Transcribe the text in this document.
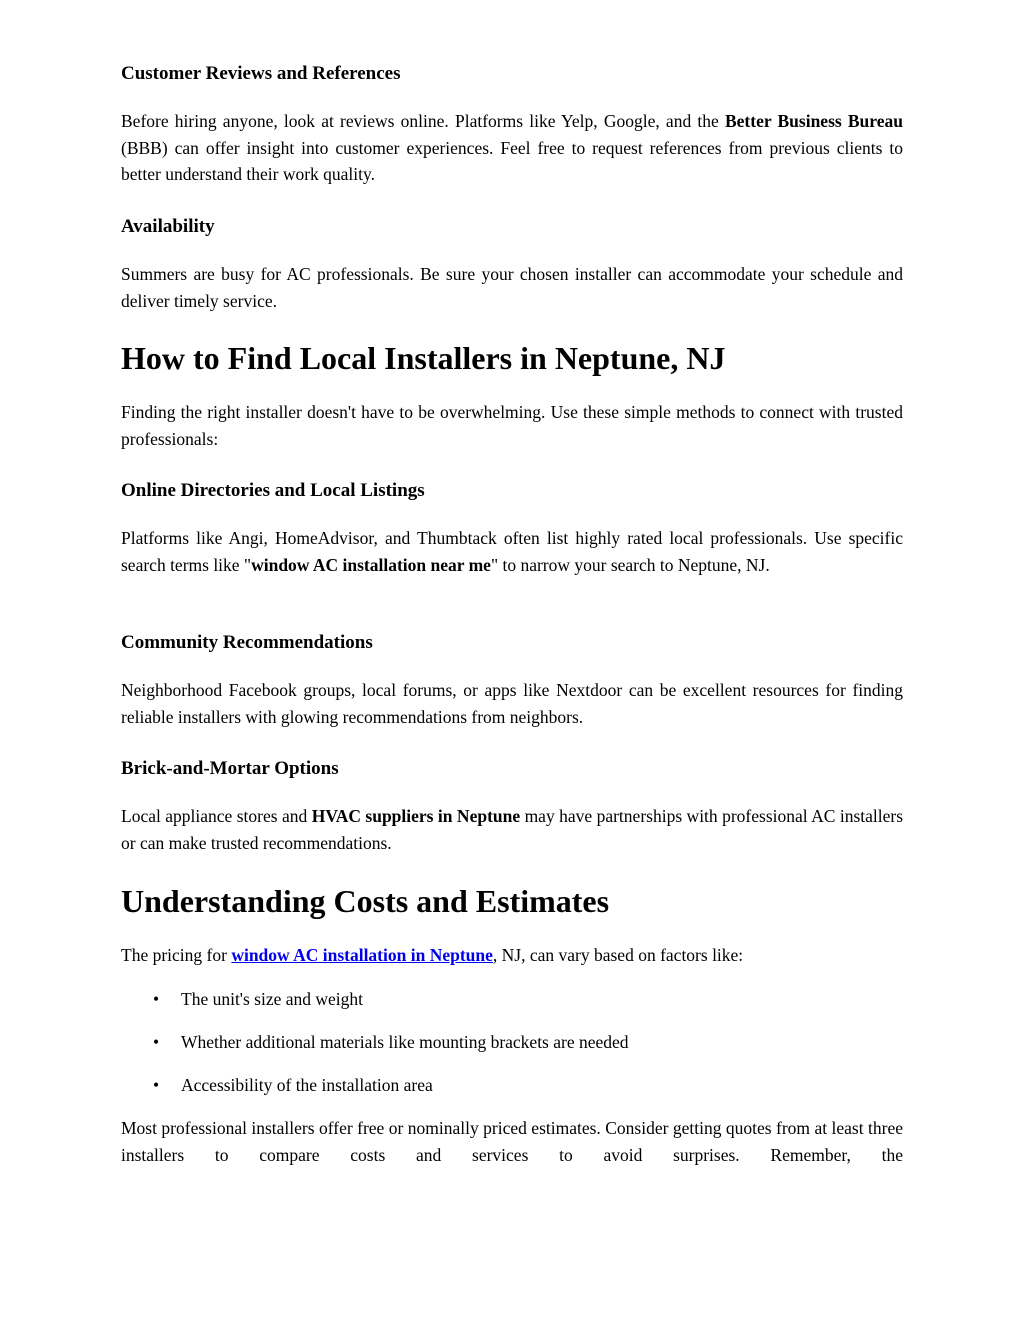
Customer Reviews and References

Before hiring anyone, look at reviews online. Platforms like Yelp, Google, and the Better Business Bureau (BBB) can offer insight into customer experiences. Feel free to request references from previous clients to better understand their work quality.

Availability

Summers are busy for AC professionals. Be sure your chosen installer can accommodate your schedule and deliver timely service.

How to Find Local Installers in Neptune, NJ

Finding the right installer doesn't have to be overwhelming. Use these simple methods to connect with trusted professionals:

Online Directories and Local Listings

Platforms like Angi, HomeAdvisor, and Thumbtack often list highly rated local professionals. Use specific search terms like "window AC installation near me" to narrow your search to Neptune, NJ.

Community Recommendations

Neighborhood Facebook groups, local forums, or apps like Nextdoor can be excellent resources for finding reliable installers with glowing recommendations from neighbors.

Brick-and-Mortar Options

Local appliance stores and HVAC suppliers in Neptune may have partnerships with professional AC installers or can make trusted recommendations.

Understanding Costs and Estimates

The pricing for window AC installation in Neptune, NJ, can vary based on factors like:

• The unit's size and weight
• Whether additional materials like mounting brackets are needed
• Accessibility of the installation area

Most professional installers offer free or nominally priced estimates. Consider getting quotes from at least three installers to compare costs and services to avoid surprises. Remember, the
